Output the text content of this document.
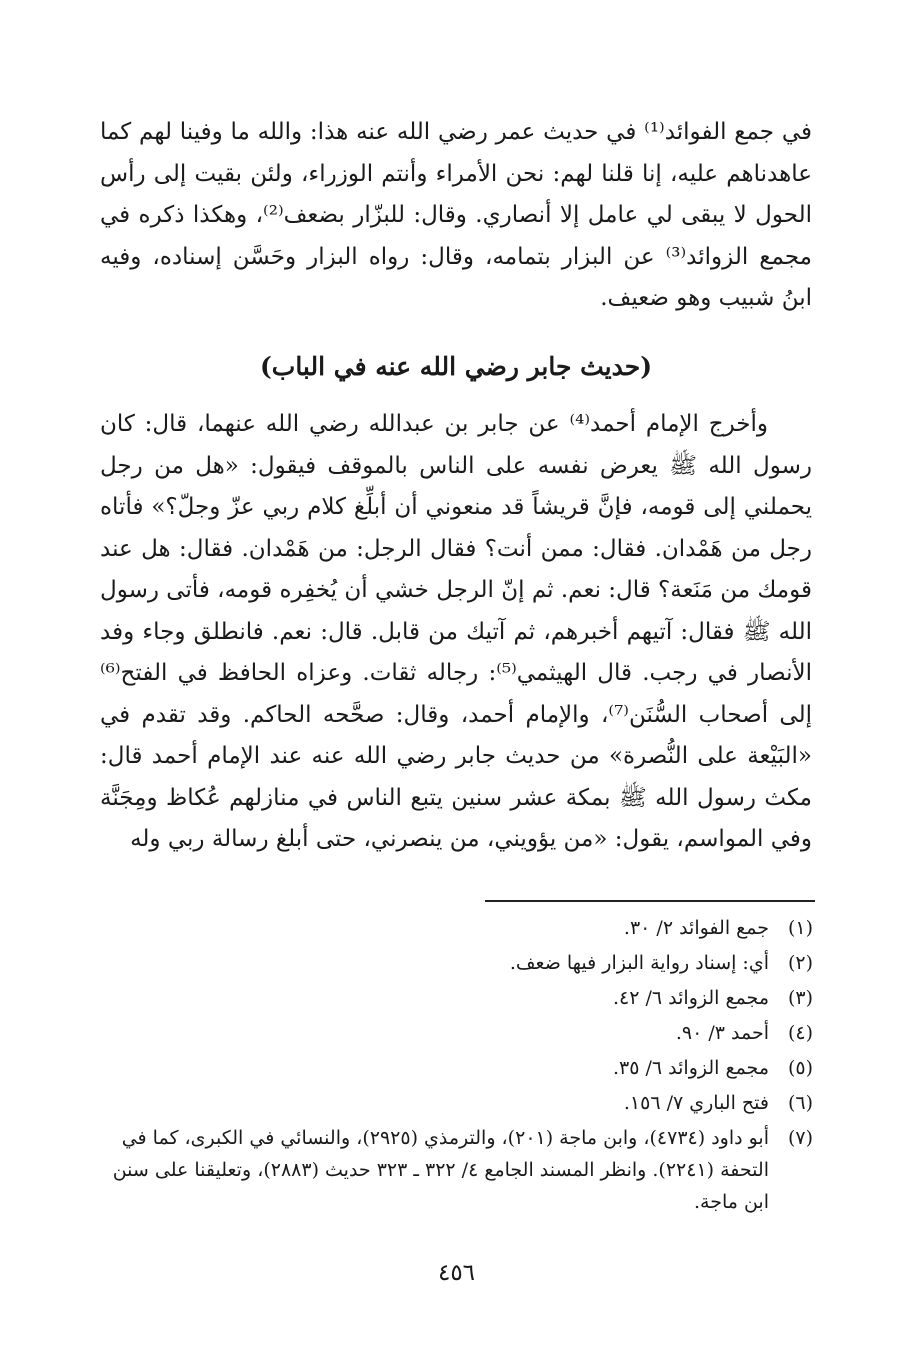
في جمع الفوائد⁽¹⁾ في حديث عمر رضي الله عنه هذا: والله ما وفينا لهم كما عاهدناهم عليه، إنا قلنا لهم: نحن الأمراء وأنتم الوزراء، ولئن بقيت إلى رأس الحول لا يبقى لي عامل إلا أنصاري. وقال: للبزّار بضعف⁽²⁾، وهكذا ذكره في مجمع الزوائد⁽³⁾ عن البزار بتمامه، وقال: رواه البزار وحَسَّن إسناده، وفيه ابنُ شبيب وهو ضعيف.

(حديث جابر رضي الله عنه في الباب)

وأخرج الإمام أحمد⁽⁴⁾ عن جابر بن عبدالله رضي الله عنهما، قال: كان رسول الله ﷺ يعرض نفسه على الناس بالموقف فيقول: «هل من رجل يحملني إلى قومه، فإنَّ قريشاً قد منعوني أن أبلِّغ كلام ربي عزّ وجلّ؟» فأتاه رجل من هَمْدان. فقال: ممن أنت؟ فقال الرجل: من هَمْدان. فقال: هل عند قومك من مَنَعة؟ قال: نعم. ثم إنّ الرجل خشي أن يُخفِره قومه، فأتى رسول الله ﷺ فقال: آتيهم أخبرهم، ثم آتيك من قابل. قال: نعم. فانطلق وجاء وفد الأنصار في رجب. قال الهيثمي⁽⁵⁾: رجاله ثقات. وعزاه الحافظ في الفتح⁽⁶⁾ إلى أصحاب السُّنَن⁽⁷⁾، والإمام أحمد، وقال: صحَّحه الحاكم. وقد تقدم في «البَيْعة على النُّصرة» من حديث جابر رضي الله عنه عند الإمام أحمد قال: مكث رسول الله ﷺ بمكة عشر سنين يتبع الناس في منازلهم عُكاظ ومِجَنَّة وفي المواسم، يقول: «من يؤويني، من ينصرني، حتى أبلغ رسالة ربي وله

(١)
جمع الفوائد ٢/ ٣٠.
(٢)
أي: إسناد رواية البزار فيها ضعف.
(٣)
مجمع الزوائد ٦/ ٤٢.
(٤)
أحمد ٣/ ٩٠.
(٥)
مجمع الزوائد ٦/ ٣٥.
(٦)
فتح الباري ٧/ ١٥٦.
(٧)
أبو داود (٤٧٣٤)، وابن ماجة (٢٠١)، والترمذي (٢٩٢٥)، والنسائي في الكبرى، كما في التحفة (٢٢٤١). وانظر المسند الجامع ٤/ ٣٢٢ ـ ٣٢٣ حديث (٢٨٨٣)، وتعليقنا على سنن ابن ماجة.
٤٥٦
